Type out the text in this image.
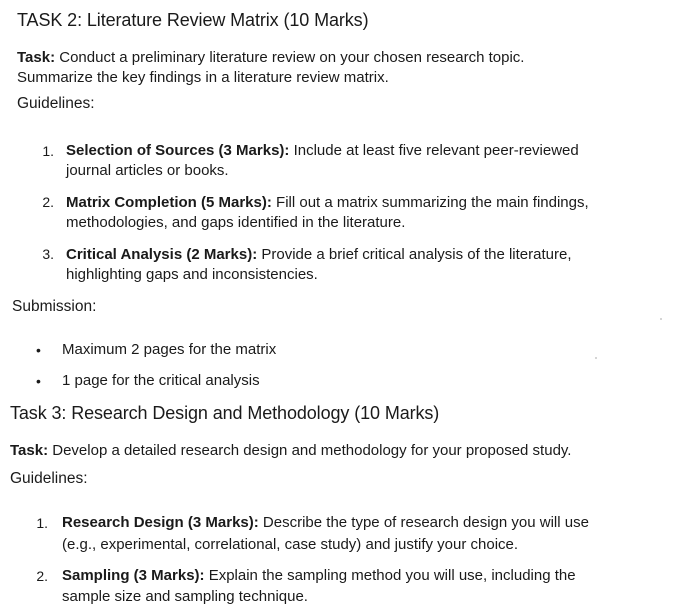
TASK 2: Literature Review Matrix (10 Marks)
Task: Conduct a preliminary literature review on your chosen research topic.
Summarize the key findings in a literature review matrix.
Guidelines:
1. Selection of Sources (3 Marks): Include at least five relevant peer-reviewed
journal articles or books.
2. Matrix Completion (5 Marks): Fill out a matrix summarizing the main findings,
methodologies, and gaps identified in the literature.
3. Critical Analysis (2 Marks): Provide a brief critical analysis of the literature,
highlighting gaps and inconsistencies.
Submission:
• Maximum 2 pages for the matrix
• 1 page for the critical analysis
Task 3: Research Design and Methodology (10 Marks)
Task: Develop a detailed research design and methodology for your proposed study.
Guidelines:
1. Research Design (3 Marks): Describe the type of research design you will use
(e.g., experimental, correlational, case study) and justify your choice.
2. Sampling (3 Marks): Explain the sampling method you will use, including the
sample size and sampling technique.
